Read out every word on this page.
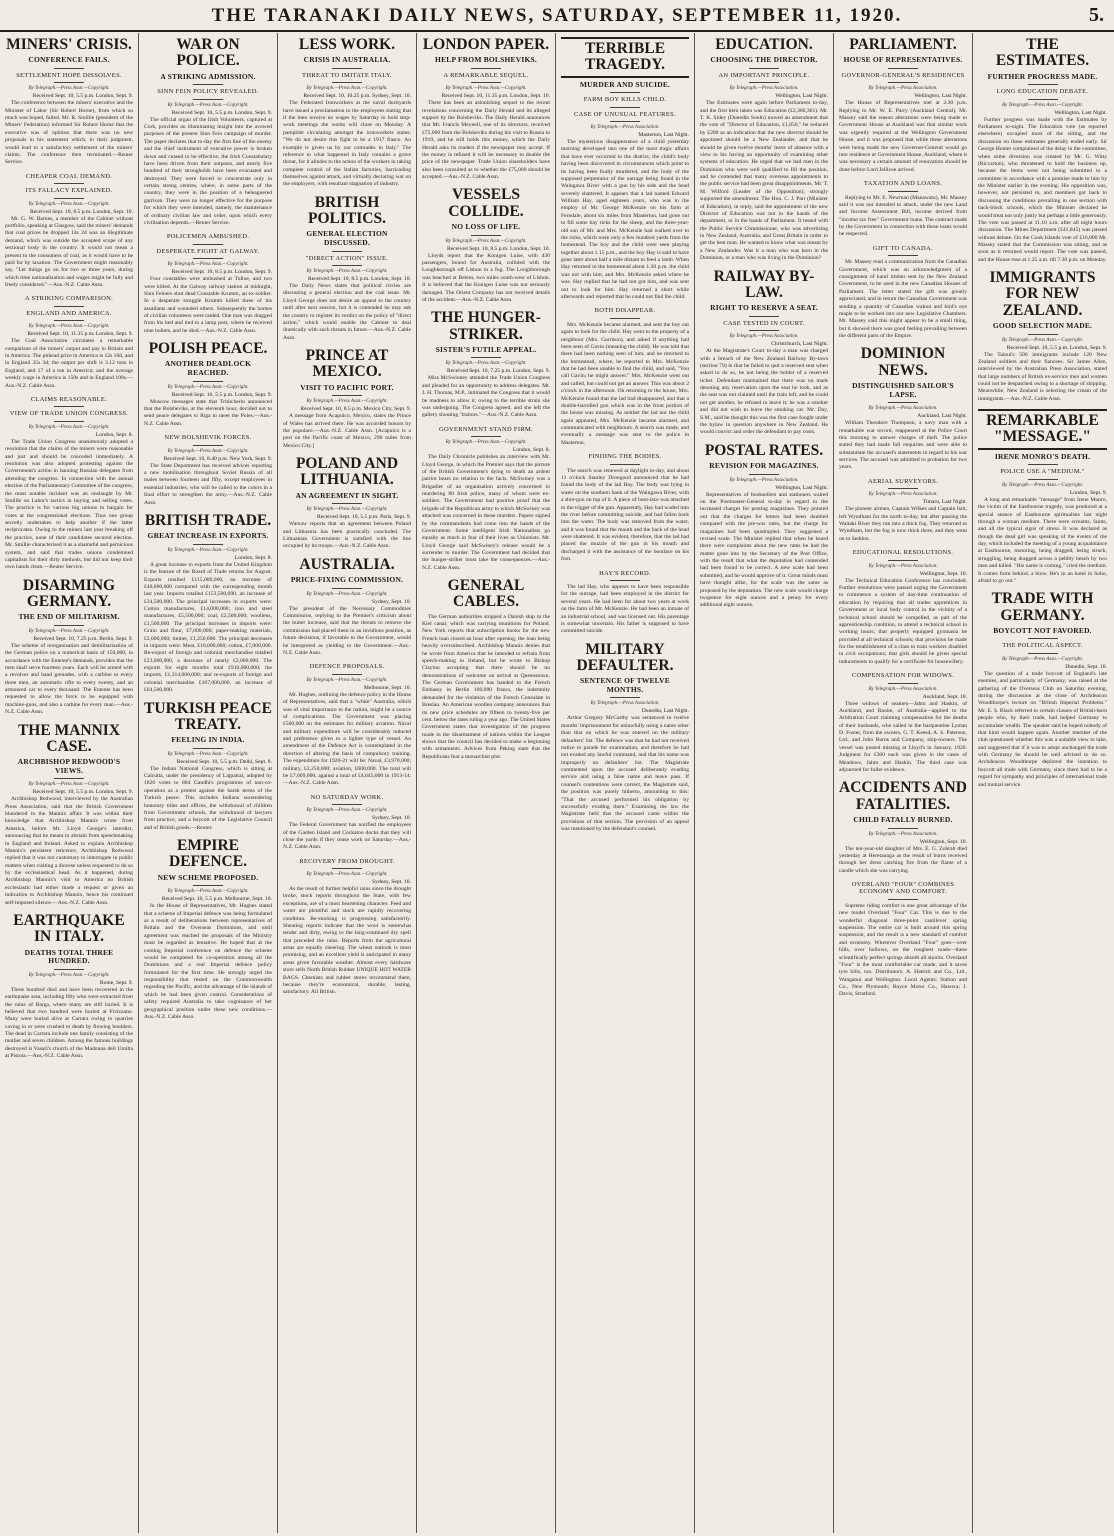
THE TARANAKI DAILY NEWS, SATURDAY, SEPTEMBER 11, 1920.	5.
MINERS' CRISIS.
CONFERENCE FAILS.
SETTLEMENT HOPE DISSOLVES.
By Telegraph.—Press Assn.—Copyright.
Received Sept. 10, 5.5 p.m. London, Sept. 9.

The conference between the miners' executive and the Minister of Labor (Sir Robert Horne), from which so much was hoped, failed. Mr. R. Smillie (president of the Miners' Federation) informed Sir Robert Horne that the executive was of opinion that there was no new proposals in his statement which, in their judgment, would lead to a satisfactory settlement of the miners' claims. The conference then terminated.—Reuter Service.

CHEAPER COAL DEMAND.
ITS FALLACY EXPLAINED.
By Telegraph.—Press Assn.—Copyright.
Received Sept. 10, 8.5 p.m. London, Sept. 10.

Mr. G. W. Barnes, a member of the Cabinet without portfolio, speaking at Glasgow, said the miners' demands that coal prices be dropped 14s 2d was an illegitimate demand, which was outside the accepted scope of any sectional body in the country. It would not mean a present to the consumers of coal, as it would have to be paid for by taxation. The Government might reasonably say, "Let things go on for two or three years, during which time nationalisation and wages might be fully and freely considered."—Aus.-N.Z. Cable Assn.

A STRIKING COMPARISON.
ENGLAND AND AMERICA.
By Telegraph.—Press Assn.—Copyright.
Received Sept. 10, 11.35 p.m. London, Sept. 9.

The Coal Association circulates a remarkable comparison of the miners' output and pay in Britain and in America. The pithead price in America is 12s 10d, and in England 35s 3d; the output per shift is 3.12 tons in England, and 17 of a ton in America; and the average weekly wage in America is 150s and in England 108s.—Aus.-N.Z. Cable Assn.

CLAIMS REASONABLE.
VIEW OF TRADE UNION CONGRESS.
By Telegraph.—Press Assn.—Copyright.
London, Sept. 8.

The Trade Union Congress unanimously adopted a resolution that the claims of the miners were reasonable and just and should be conceded immediately. A resolution was also adopted protesting against the Government's action in banning Russian delegates from attending the congress. In connection with the annual election of the Parliamentary Committee of the congress, the most notable incident was an onslaught by Mr. Smillie on Labor's tactics in buying and selling votes. The practice is for various big unions to bargain for votes at the congressional elections. Thus one group secretly undertakes to help another if the latter reciprocates. Owing to the miners last year breaking off the practice, none of their candidates secured election. Mr. Smillie characterised it as a shameful and pernicious system, and said that trades unions condemned capitalists for their dirty methods, but did not keep their own hands clean.—Reuter Service.

DISARMING GERMANY.
THE END OF MILITARISM.
By Telegraph.—Press Assn.—Copyright.
Received Sept. 10, 7.25 p.m. Berlin, Sept. 9.

The scheme of reorganisation and demilitarisation of the German police on a numerical basis of 150,000, in accordance with the Entente's demands, provides that the men shall serve fourteen years. Each will be armed with a revolver and hand grenades, with a carbine to every three men, an automatic rifle to every twenty, and an armoured car to every thousand. The Entente has been requested to allow the force to be equipped with machine-guns, and also a carbine for every man.—Aus.-N.Z. Cable Assn.

THE MANNIX CASE.
ARCHBISHOP REDWOOD'S VIEWS.
By Telegraph.—Press Assn.—Copyright.
Received Sept. 10, 5.5 p.m. London, Sept. 9.

Archbishop Redwood, interviewed by the Australian Press Association, said that the British Government blundered in the Mannix affair. It was within their knowledge that Archbishop Mannix wrote from America, before Mr. Lloyd George's interdict, announcing that he meant to abstain from speechmaking in England and Ireland. Asked to explain Archbishop Mannix's persistent reticence, Archbishop Redwood replied that it was not customary to interrogate in public matters when visiting a diocese unless requested to do so by the ecclesiastical head. As it happened, during Archbishop Mannix's visit to America no British ecclesiastic had either made a request or given an indication to Archbishop Mannix, hence his continued self-imposed silence.—Aus.-N.Z. Cable Assn.

EARTHQUAKE IN ITALY.
DEATHS TOTAL THREE HUNDRED.
By Telegraph.—Press Assn.—Copyright.
Rome, Sept. 9.

Three hundred died and have been recovered in the earthquake area, including fifty who were extracted from the ruins of Barga, where many are still buried. It is believed that two hundred were buried at Fivizzano. Many were buried alive at Carrara owing to quarries caving in or were crushed to death by flowing boulders. The dead in Carrara include one family consisting of the mother and seven children. Among the famous buildings destroyed is Vasari's church of the Madonna dell Umilta at Pistoia.—Aus.-N.Z. Cable Assn.

WAR ON POLICE.
A STRIKING ADMISSION.
SINN FEIN POLICY REVEALED.
By Telegraph.—Press Assn.—Copyright.
Received Sept. 10, 5.5 p.m. London, Sept. 9.

The official organ of the Irish Volunteers, captured at Cork, provides an illuminating insight into the avowed purposes of the present Sinn Fein campaign of murder. The paper declares that to-day the first line of the enemy and the chief instrument of executive power is broken down and ceased to be effective; the Irish Constabulary have been driven from their outposts, and nearly five hundred of their strongholds have been evacuated and destroyed. They were forced to concentrate only in certain strong centres, where, in some parts of the country, they were in the position of a beleaguered garrison. They were no longer effective for the purpose for which they were intended, namely, the maintenance of ordinary civilian law and order, upon which every civilisation depends.—Reuter Service.

POLICEMEN AMBUSHED.
DESPERATE FIGHT AT GALWAY.
By Telegraph.—Press Assn.—Copyright.
Received Sept. 10, 8.5 p.m. London, Sept. 9.

Four constables were ambushed at Tulloe, and two were killed. At the Galway railway station at midnight, Sinn Feiners shot dead Constable Krumm, an ex-soldier. In a desperate struggle Krumm killed three of his assailants and wounded others. Subsequently the homes of civilian volunteers were raided. One man was dragged from his bed and tied to a lamp post, where he received nine bullets, and he died.—Aus.-N.Z. Cable Assn.

POLISH PEACE.
ANOTHER DEADLOCK REACHED.
By Telegraph.—Press Assn.—Copyright.
Received Sept. 10, 5.5 p.m. London, Sept. 9.

Moscow messages state that Tchitcherin announced that the Bolsheviks, at the eleventh hour, decided not to send peace delegates to Riga to meet the Poles.—Aus.-N.Z. Cable Assn.

NEW BOLSHEVIK FORCES.
By Telegraph.—Press Assn.—Copyright.
Received Sept. 10, 8.40 p.m. New York, Sept. 9.

The State Department has received advices reporting a new mobilisation throughout Soviet Russia of all males between fourteen and fifty, except employees in essential industries, who will be called to the colors in a final effort to strengthen the army.—Aus.-N.Z. Cable Assn.

BRITISH TRADE.
GREAT INCREASE IN EXPORTS.
By Telegraph.—Press Assn.—Copyright.
London, Sept. 8.

A great increase in exports from the United Kingdom is the feature of the Board of Trade returns for August. Exports totalled £115,000,000, an increase of £40,000,000 compared with the corresponding month last year. Imports totalled £153,500,000, an increase of £34,500,000. The principal increases in exports were: Cotton manufactures, £14,000,000; iron and steel manufactures, £5,500,000; coal, £2,500,000; woollens, £1,500,000. The principal increases in imports were: Grain and flour, £7,000,000; paper-making materials, £2,000,000; timber, £1,250,000. The principal decreases in imports were: Meat, £10,000,000; cotton, £7,000,000. Re-export of foreign and colonial merchandise totalled £23,000,000, a decrease of nearly £2,000,000. The exports for eight months total £910,000,000; the imports, £1,314,000,000; and re-exports of foreign and colonial merchandise £167,000,000, an increase of £64,500,000.

TURKISH PEACE TREATY.
FEELING IN INDIA.
By Telegraph.—Press Assn.—Copyright.
Received Sept. 10, 5.5 p.m. Delhi, Sept. 8.

The Indian National Congress, which is sitting at Calcutta, under the presidency of Lajpatrai, adopted by 1826 votes to 804 Gandhi's programme of non-co-operation as a protest against the harsh terms of the Turkish peace. This includes Indians surrendering honorary titles and offices, the withdrawal of children from Government schools, the withdrawal of lawyers from practice, and a boycott of the Legislative Council and of British goods.—Reuter.

EMPIRE DEFENCE.
NEW SCHEME PROPOSED.
By Telegraph.—Press Assn.—Copyright.
Received Sept. 10, 5.5 p.m. Melbourne, Sept. 10.

In the House of Representatives, Mr. Hughes stated that a scheme of Imperial defence was being formulated as a result of deliberations between representatives of Britain and the Overseas Dominions, and until agreement was reached the proposals of the Ministry must be regarded as tentative. He hoped that at the coming Imperial conference on defence the scheme would be completed for co-operation among all the Dominions and a real Imperial defence policy formulated for the first time. He strongly urged the responsibility that rested on the Commonwealth regarding the Pacific, and the advantage of the islands of which he had been given control. Considerations of safety required Australia to take cognisance of her geographical position under these new conditions.—Aus.-N.Z. Cable Assn.

LESS WORK.
CRISIS IN AUSTRALIA.
THREAT TO IMITATE ITALY.
By Telegraph.—Press Assn.—Copyright.
Received Sept. 10, 10.25 p.m. Sydney, Sept. 10.

The Federated Ironworkers at the naval dockyards have issued a proclamation to the employees stating that if the men receive no wages by Saturday to hold stop-work meetings the works will close on Monday. A pamphlet circulating amongst the ironworkers states: "We do not desire this fight to be a 1917 fiasco. An example is given us by our comrades in Italy." The reference to what happened in Italy contains a grave threat, for it alludes to the action of the workers in taking complete control of the Italian factories, barricading themselves against attack, and virtually declaring war on the employers, with resultant stagnation of industry.

BRITISH POLITICS.
GENERAL ELECTION DISCUSSED.
"DIRECT ACTION" ISSUE.
By Telegraph.—Press Assn.—Copyright.
Received Sept. 10, 8.5 p.m. London, Sept. 10.

The Daily News states that political circles are discussing a general election and the coal issue. Mr. Lloyd George does not desire an appeal to the country until after next session, but it is contended he may ask the country to register its verdict on the policy of "direct action," which would enable the Cabinet to deal drastically with such threats in future.—Aus.-N.Z. Cable Assn.

PRINCE AT MEXICO.
VISIT TO PACIFIC PORT.
By Telegraph.—Press Assn.—Copyright.
Received Sept. 10, 8.5 p.m. Mexico City, Sept. 9.

A message from Acapulco, Mexico, states the Prince of Wales has arrived there. He was accorded honors by the populace.—Aus.-N.Z. Cable Assn. [Acapulco is a port on the Pacific coast of Mexico, 290 miles from Mexico City.]

POLAND AND LITHUANIA.
AN AGREEMENT IN SIGHT.
By Telegraph.—Press Assn.—Copyright.
Received Sept. 10, 5.5 p.m. Paris, Sept. 9.

Warsaw reports that an agreement between Poland and Lithuania has been practically concluded. The Lithuanian Government is satisfied with the line occupied by its troops.—Aus.-N.Z. Cable Assn.

AUSTRALIA.
PRICE-FIXING COMMISSION.
By Telegraph.—Press Assn.—Copyright.
Sydney, Sept. 10.

The president of the Necessary Commodities Commission, replying to the Premier's criticism about the butter increase, said that the threats to remove the commission had placed them in an invidious position, as future decisions, if favorable to the Government, would be interpreted as yielding to the Government.—Aus.-N.Z. Cable Assn.

DEFENCE PROPOSALS.
By Telegraph.—Press Assn.—Copyright.
Melbourne, Sept. 10.

Mr. Hughes, outlining the defence policy in the House of Representatives, said that a "white" Australia, which was of vital importance to the nation, might be a source of complications. The Government was placing £500,000 on the estimates for military aviation. Naval and military expenditure will be considerably reduced and preference given to a lighter type of vessel. An amendment of the Defence Act is contemplated in the direction of altering the basis of compulsory training. The expenditure for 1920-21 will be: Naval, £3,970,000; military, £2,250,000; aviation, £600,000. The total will be £7,609,000, against a total of £4,645,000 in 1913-14.—Aus.-N.Z. Cable Assn.

NO SATURDAY WORK.
By Telegraph.—Press Assn.—Copyright.
Sydney, Sept. 10.

The Federal Government has notified the employees of the Garden Island and Cockatoo docks that they will close the yards if they cease work on Saturday.—Aus.-N.Z. Cable Assn.

RECOVERY FROM DROUGHT.
By Telegraph.—Press Assn.—Copyright.
Sydney, Sept. 10.

As the result of further helpful rains since the drought broke, stock reports throughout the State, with few exceptions, are of a most heartening character. Feed and water are plentiful and stock are rapidly recovering condition. Re-stocking is progressing satisfactorily. Shearing reports indicate that the wool is somewhat tender and dirty, owing to the long-continued dry spell that preceded the rains. Reports from the agricultural areas are equally cheering. The wheat outlook is most promising, and an excellent yield is anticipated in many areas given favorable weather. Almost every hardware store sells North British Rubber UNIQUE HOT WATER BAGS. Chemists and rubber stores recommend them, because they're economical, durable, lasting, satisfactory. All British.

LONDON PAPER.
HELP FROM BOLSHEVIKS.
A REMARKABLE SEQUEL.
By Telegraph.—Press Assn.—Copyright.
Received Sept. 10, 11.35 p.m. London, Sept. 10.

There has been an astonishing sequel to the recent revelations concerning the Daily Herald and its alleged support by the Bolsheviks. The Daily Herald announces that Mr. Francis Meynell, one of its directors, received £75,000 from the Bolsheviks during his visit to Russia in 1919, and he still holds this money, which the Daily Herald asks its readers if the newspaper may accept. If the money is refused it will be necessary to double the price of the newspaper. Trade Union shareholders have also been consulted as to whether the £75,000 should be accepted.—Aus.-N.Z. Cable Assn.

VESSELS COLLIDE.
NO LOSS OF LIFE.
By Telegraph.—Press Assn.—Copyright.
Received Sept. 10, 8.5 p.m. London, Sept. 10.

Lloyds report that the Konigen Luise, with 430 passengers, bound for Australia, collided with the Loughborough off Lisbon in a fog. The Loughborough was beached at Belem, two miles south-west of Lisbon. It is believed that the Konigen Luise was not seriously damaged. The Orient Company has not received details of the accident.—Aus.-N.Z. Cable Assn.

THE HUNGER-STRIKER.
SISTER'S FUTILE APPEAL.
By Telegraph.—Press Assn.—Copyright.
Received Sept. 10, 7.25 p.m. London, Sept. 9.

Miss McSwinney attended the Trade Union Congress and pleaded for an opportunity to address delegates. Mr. J. H. Thomas, M.P., intimated the Congress that it would be madness to allow it, owing to the terrible strain she was undergoing. The Congress agreed, and she left the gallery shouting "traitors."—Aus.-N.Z. Cable Assn.

GOVERNMENT STAND FIRM.
By Telegraph.—Press Assn.—Copyright.
London, Sept. 8.

The Daily Chronicle publishes an interview with Mr. Lloyd George, in which the Premier says that the picture of the British Government's dying to death an ardent patriot bears no relation to the facts. McSwiney was a Brigadier of an organisation actively concerned in murdering 80 Irish police, many of whom were ex-soldiers. The Government had positive proof that the brigade of the Republican army to which McSwiney was attached was concerned in these murders. Papers signed by the commandants had come into the hands of the Government. Some intelligent Irish Nationalists go equally as much in fear of their lives as Unionists. Mr. Lloyd George said McSwiney's release would be a surrender to murder. The Government had decided that the hunger-striker must take the consequences.—Aus.-N.Z. Cable Assn.

GENERAL CABLES.

The German authorities stopped a Danish ship in the Kiel canal, which was carrying munitions for Poland. New York reports that subscription books for the new French loan closed an hour after opening, the loan being heavily oversubscribed. Archbishop Mannix denies that he wrote from America that he intended to refrain from speech-making in Ireland, but he wrote to Bishop Clayton accepting that there should be no demonstrations of welcome on arrival at Queenstown. The German Government has handed to the French Embassy in Berlin 100,000 francs, the indemnity demanded for the violation of the French Consulate in Breslau. An American woollen company announces that its new price schedules are fifteen to twenty-five per cent. below the rates ruling a year ago. The United States Government states that investigation of the progress made in the disarmament of nations within the League shows that the council has decided to make a beginning with armaments. Advices from Peking state that the Republicans fear a monarchist plot.

TERRIBLE TRAGEDY.
MURDER AND SUICIDE.
FARM BOY KILLS CHILD.
CASE OF UNUSUAL FEATURES.
By Telegraph.—Press Association.
Masterton, Last Night.

The mysterious disappearance of a child yesterday morning developed into one of the most tragic affairs that have ever occurred in the district, the child's body having been discovered in circumstances which point to its having been foully murdered, and the body of the supposed perpetrator of the outrage being found in the Waingawa River with a gun by his side and the head severely shattered. It appears that a lad named Edward William Hay, aged eighteen years, who was in the employ of Mr. George McKenzie on his farm at Ferndale, about six miles from Masterton, had gone out to fill some hay ricks for the sheep, and the three-year-old son of Mr. and Mrs. McKenzie had walked over to the ricks, which were only a few hundred yards from the homestead. The boy and the child were seen playing together about 1.15 p.m., and the boy Hay is said to have gone later about half a mile distant to feed a lamb. When Hay returned to the homestead about 1.30 p.m. the child was not with him, and Mrs. McKenzie asked where he was. Hay replied that he had not got him, and was sent out to look for him. Hay returned a short while afterwards and reported that he could not find the child.

BOTH DISAPPEAR.

Mrs. McKenzie became alarmed, and sent the boy out again to look for the child. Hay went to the property of a neighbour (Mrs. Garrison), and asked if anything had been seen of Gavin (meaning the child). He was told that there had been nothing seen of him, and he returned to the homestead, where, he reported to Mrs. McKenzie that he had been unable to find the child, and said, "You call Gavin; he might answer." Mrs. McKenzie went out and called, but could not get an answer. This was about 2 o'clock in the afternoon. On returning to the house, Mrs. McKenzie found that the lad had disappeared, and that a double-barrelled gun which was in the front portion of the house was missing. As neither the lad nor the child again appeared, Mrs. McKenzie became alarmed, and communicated with neighbours. A search was made, and eventually a message was sent to the police in Masterton.

FINDING THE BODIES.

The search was renewed at daylight to-day, and about 11 o'clock Stanley Drongood announced that he had found the body of the lad Hay. The body was lying in water on the southern bank of the Waingawa River, with a shot-gun on top of it. A piece of boot-lace was attached to the trigger of the gun. Apparently, Hay had waded into the river before committing suicide, and had fallen back into the water. The body was removed from the water, and it was found that the mouth and the back of the head were shattered. It was evident, therefore, that the lad had placed the muzzle of the gun in his mouth and discharged it with the assistance of the bootlace on his foot.

HAY'S RECORD.

The lad Hay, who appears to have been responsible for the outrage, had been employed in the district for several years. He had been for about two years at work on the farm of Mr. McKenzie. He had been an inmate of an industrial school, and was licensed out. His parentage is somewhat uncertain. His father is supposed to have committed suicide.

MILITARY DEFAULTER.
SENTENCE OF TWELVE MONTHS.
By Telegraph.—Press Association.
Dunedin, Last Night.

Arthur Gregory McCarthy was sentenced to twelve months' imprisonment for unlawfully using a name other than that on which he was entered on the military defaulters' list. The defence was that he had not received notice to parade for examination, and therefore he had not evaded any lawful command, and that his name was improperly on defaulters' list. The Magistrate commented upon the accused deliberately evading service and using a false name and leave pass. If counsel's contentions were correct, the Magistrate said, the position was purely hitherto, amounting to this: "That the accused performed his obligation by successfully evading them." Examining the law the Magistrate held that the accused came within the provisions of that section. The provision of an appeal was mentioned by the defendant's counsel.

EDUCATION.
CHOOSING THE DIRECTOR.
AN IMPORTANT PRINCIPLE.
By Telegraph.—Press Association.
Wellington, Last Night.

The Estimates were again before Parliament to-day, and the first item taken was Education (£2,366,361). Mr. T. K. Sidey (Dunedin South) moved an amendment that the vote of "Director of Education, £1,850," be reduced by £200 as an indication that the new director should be appointed should be a New Zealander, and that he should be given twelve months' leave of absence with a view to his having an opportunity of examining other systems of education. He urged that we had men in the Dominion who were well qualified to fill the position, and he contended that many overseas appointments to the public service had been great disappointments. Mr. T. M. Wilford (Leader of the Opposition), strongly supported the amendment. The Hon. C. J. Parr (Minister of Education), in reply, said the appointment of the new Director of Education was not in the hands of the department, or in the hands of Parliament. It rested with the Public Service Commissioner, who was advertising in New Zealand, Australia, and Great Britain in order to get the best man. He wanted to know what was meant by a New Zealander. Was it a man who was born in the Dominion, or a man who was living in the Dominion?

RAILWAY BY-LAW.
RIGHT TO RESERVE A SEAT.
CASE TESTED IN COURT.
By Telegraph.—Press Association.
Christchurch, Last Night.

At the Magistrate's Court to-day a man was charged with a breach of the New Zealand Railway By-laws (section 79) in that he failed to quit a reserved seat when asked to do so, he not being the holder of a reserved ticket. Defendant maintained that there was no mark denoting any reservation upon the seat he took, and as the seat was not claimed until the train left, and he could not get another, he refused to leave it; he was a smoker and did not wish to leave the smoking car. Mr. Day, S.M., said he thought this was the first case fought under the bylaw in question anywhere in New Zealand. He would convict and order the defendant to pay costs.

POSTAL RATES.
REVISION FOR MAGAZINES.
By Telegraph.—Press Association.
Wellington, Last Night.

Representatives of booksellers and stationers waited on the Postmaster-General to-day in regard to the increased charges for posting magazines. They pointed out that the charges for letters had been doubled compared with the pre-war rates, but the charge for magazines had been quadrupled. They suggested a revised scale. The Minister replied that when he heard there were complaints about the new rates he had the matter gone into by the Secretary of the Post Office, with the result that what the deputation had contended had been found to be correct. A new scale had been submitted, and he would approve of it. Great minds must have thought alike, for the scale was the same as proposed by the deputation. The new scale would charge twopence for eight ounces and a penny for every additional eight ounces.

PARLIAMENT.
HOUSE OF REPRESENTATIVES.
GOVERNOR-GENERAL'S RESIDENCES
By Telegraph.—Press Association.
Wellington, Last Night.

The House of Representatives met at 2.30 p.m. Replying to Mr. W. E. Parry (Auckland Central), Mr. Massey said the reason alterations were being made to Government House at Auckland was that similar work was urgently required at the Wellington Government House, and it was proposed that while these alterations were being made the new Governor-General would go into residence at Government House, Auckland, where it was necessary a certain amount of renovation should be done before Lord Jellicoe arrived.

TAXATION AND LOANS.

Replying to Mr. E. Newman (Manawatu), Mr. Massey said it was not intended to attack, under the new Land and Income Assessment Bill, income derived from "income tax free" Government loans. The contract made by the Government in connection with these loans would be respected.

GIFT TO CANADA.

Mr. Massey read a communication from the Canadian Government, which was an acknowledgment of a consignment of kauri timber sent by the New Zealand Government, to be used in the new Canadian Houses of Parliament. The letter stated the gift was greatly appreciated, and in return the Canadian Government was sending a quantity of Canadian walnut and bird's eye maple to be worked into our new Legislative Chambers. Mr. Massey said this might appear to be a small thing, but it showed there was good feeling prevailing between the different parts of the Empire.

DOMINION NEWS.
DISTINGUISHED SAILOR'S LAPSE.
By Telegraph.—Press Association.
Auckland, Last Night.

William Theodore Thompson, a navy man with a remarkable war record, reappeared at the Police Court this morning to answer charges of theft. The police stated they had made full enquiries and were able to substantiate the accused's statements in regard to his war services. The accused was admitted to probation for two years.

AERIAL SURVEYORS.
By Telegraph.—Press Association.
Timaru, Last Night.

The pioneer airmen, Captain Wilkes and Captain Isitt, left Wyndham for the north to-day, but after passing the Waitaki River they ran into a thick fog. They returned to Wyndham, but the fog is now thick there, and they went on to Seddon.

EDUCATIONAL RESOLUTIONS.
By Telegraph.—Press Association.
Wellington, Sept. 10.

The Technical Education Conference has concluded. Further resolutions were passed urging the Government to commence a system of day-time continuation of education by requiring that all trades apprentices in Government or local body control in the vicinity of a technical school should be compelled, as part of the apprenticeship condition, to attend a technical school in working hours; that properly equipped gymnasia be provided at all technical schools; that provision be made for the establishment of a class to train workers disabled in civil occupations; that girls should be given special inducements to qualify for a certificate for housewifery.

COMPENSATION FOR WIDOWS.
By Telegraph.—Press Association.
Auckland, Sept. 10.

Three widows of seamen—Jahm and Haskin, of Auckland, and Rooke, of Australia—applied to the Arbitration Court claiming compensation for the deaths of their husbands, who sailed in the barquentine Lyman D. Foster, from the owners, G. T. Keesd, A. S. Paterson, Ltd., and John Burns and Company, ship-owners. The vessel was posted missing at Lloyd's in January, 1920. Judgment for £300 each was given in the cases of Meadows, Jahm and Haskin. The third case was adjourned for fuller evidence.

ACCIDENTS AND FATALITIES.
CHILD FATALLY BURNED.
By Telegraph.—Press Association.
Wellington, Sept. 10.

The ten-year-old daughter of Mrs. E. G. Zohrab died yesterday at Heretaunga as the result of burns received through her dress catching fire from the flame of a candle which she was carrying.

OVERLAND "FOUR" COMBINES ECONOMY AND COMFORT.

Supreme riding comfort is one great advantage of the new model Overland "Four" Car. This is due to the wonderful diagonal three-point cantilever spring suspension. The entire car is built around this spring suspension, and the result is a new standard of comfort and economy. Wherever Overland "Four" goes—over hills, over hollows, on the roughest roads—these scientifically perfect springs absorb all shocks. Overland "Four" is the most comfortable car made, and it saves tyre bills, too. Distributors: A. Hatrick and Co., Ltd., Wanganui and Wellington. Local Agents: Station and Co., New Plymouth; Boyce Motor Co., Hawera; J. Davis, Stratford.

THE ESTIMATES.
FURTHER PROGRESS MADE.
LONG EDUCATION DEBATE.
By Telegraph.—Press Assn.—Copyright.
Wellington, Last Night.

Further progress was made with the Estimates by Parliament to-night. The Education vote (as reported elsewhere) occupied most of the sitting, and the discussion on these estimates generally ended early. Sir George Hunter complained of the delay in the committee, when some diversion was created by Mr. G. Witty (Riccarton), who threatened to hold the business up, because the items were not being submitted to a committee in accordance with a promise made to him by the Minister earlier in the evening. His opposition was, however, not persisted in, and members got back to discussing the conditions prevailing in one section with back-block schools, which the Minister declared he would treat not only justly but perhaps a little generously. The vote was passed at 11.10 a.m. after all night hours discussion. The Mines Department (£41,845) was passed without debate. On the Cook Islands vote of £16,000 Mr. Massey stated that the Commission was sitting, and as soon as it returned would report. The vote was passed, and the House rose at 1.25 a.m. till 7.30 p.m. on Monday.

IMMIGRANTS FOR NEW ZEALAND.
GOOD SELECTION MADE.
By Telegraph.—Press Assn.—Copyright.
Received Sept. 10, 5.5 p.m. London, Sept. 9.

The Tainui's 500 immigrants include 120 New Zealand soldiers and their fiancees. Sir James Allen, interviewed by the Australian Press Association, stated that large numbers of British ex-service men and women could not be despatched owing to a shortage of shipping. Meanwhile, New Zealand is selecting the cream of the immigrants.—Aus.-N.Z. Cable Assn.

REMARKABLE "MESSAGE."
IRENE MONRO'S DEATH.
POLICE USE A "MEDIUM."
By Telegraph.—Press Assn.—Copyright.
London, Sept. 9.

A long and remarkable "message" from Irene Munro, the victim of the Eastbourne tragedy, was produced at a special seance of Eastbourne spiritualists last night through a woman medium. There were screams, faints, and all the typical signs of stress. It was declared as though the dead girl was speaking of the events of the day, which included the meeting of a young acquaintance at Eastbourne, motoring, being dragged, being struck, struggling, being dragged across a pebbly beach by two men and killed. "His name is coming," cried the medium. It comes from behind, a blow. He's in an hotel in Soho, afraid to go out."

TRADE WITH GERMANY.
BOYCOTT NOT FAVORED.
THE POLITICAL ASPECT.
By Telegraph.—Press Assn.—Copyright.
Dunedin, Sept. 10.

The question of a trade boycott of England's late enemies, and particularly of Germany, was raised at the gathering of the Overseas Club on Saturday evening, during the discussion at the close of Archdeacon Woodthorpe's lecture on "British Imperial Problems." Mr. E. S. Black referred to certain classes of British-born people who, by their trade, had helped Germany to accumulate wealth. The speaker said he hoped nobody of that kind would happen again. Another member of the club questioned whether this was a suitable view to take, and suggested that if it was to adopt unchanged the trade with Germany he should be well advised to do so. Archdeacon Woodthorpe deplored the intention to boycott all trade with Germany, since there had to be a regard for sympathy and principles of international trade and mutual service.
